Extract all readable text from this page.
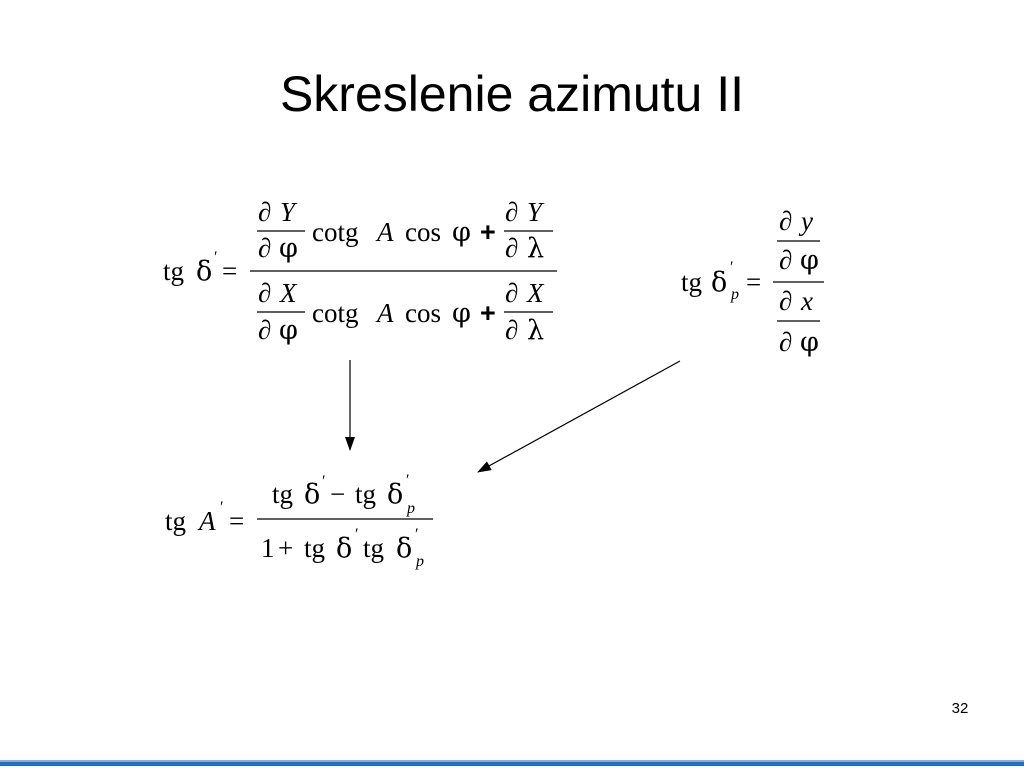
Skreslenie azimutu II
tg δ ′ =
∂ Y
∂ φ
cotg A cos φ +
∂ Y
∂ λ
∂ X
∂ φ
cotg A cos φ +
∂ X
∂ λ
tg δ ′
p =
∂ y
∂ φ
∂ x
∂ φ
tg A ′ =
tg δ ′ − tg δ ′
p
1 + tg δ ′ tg δ ′
p
32
